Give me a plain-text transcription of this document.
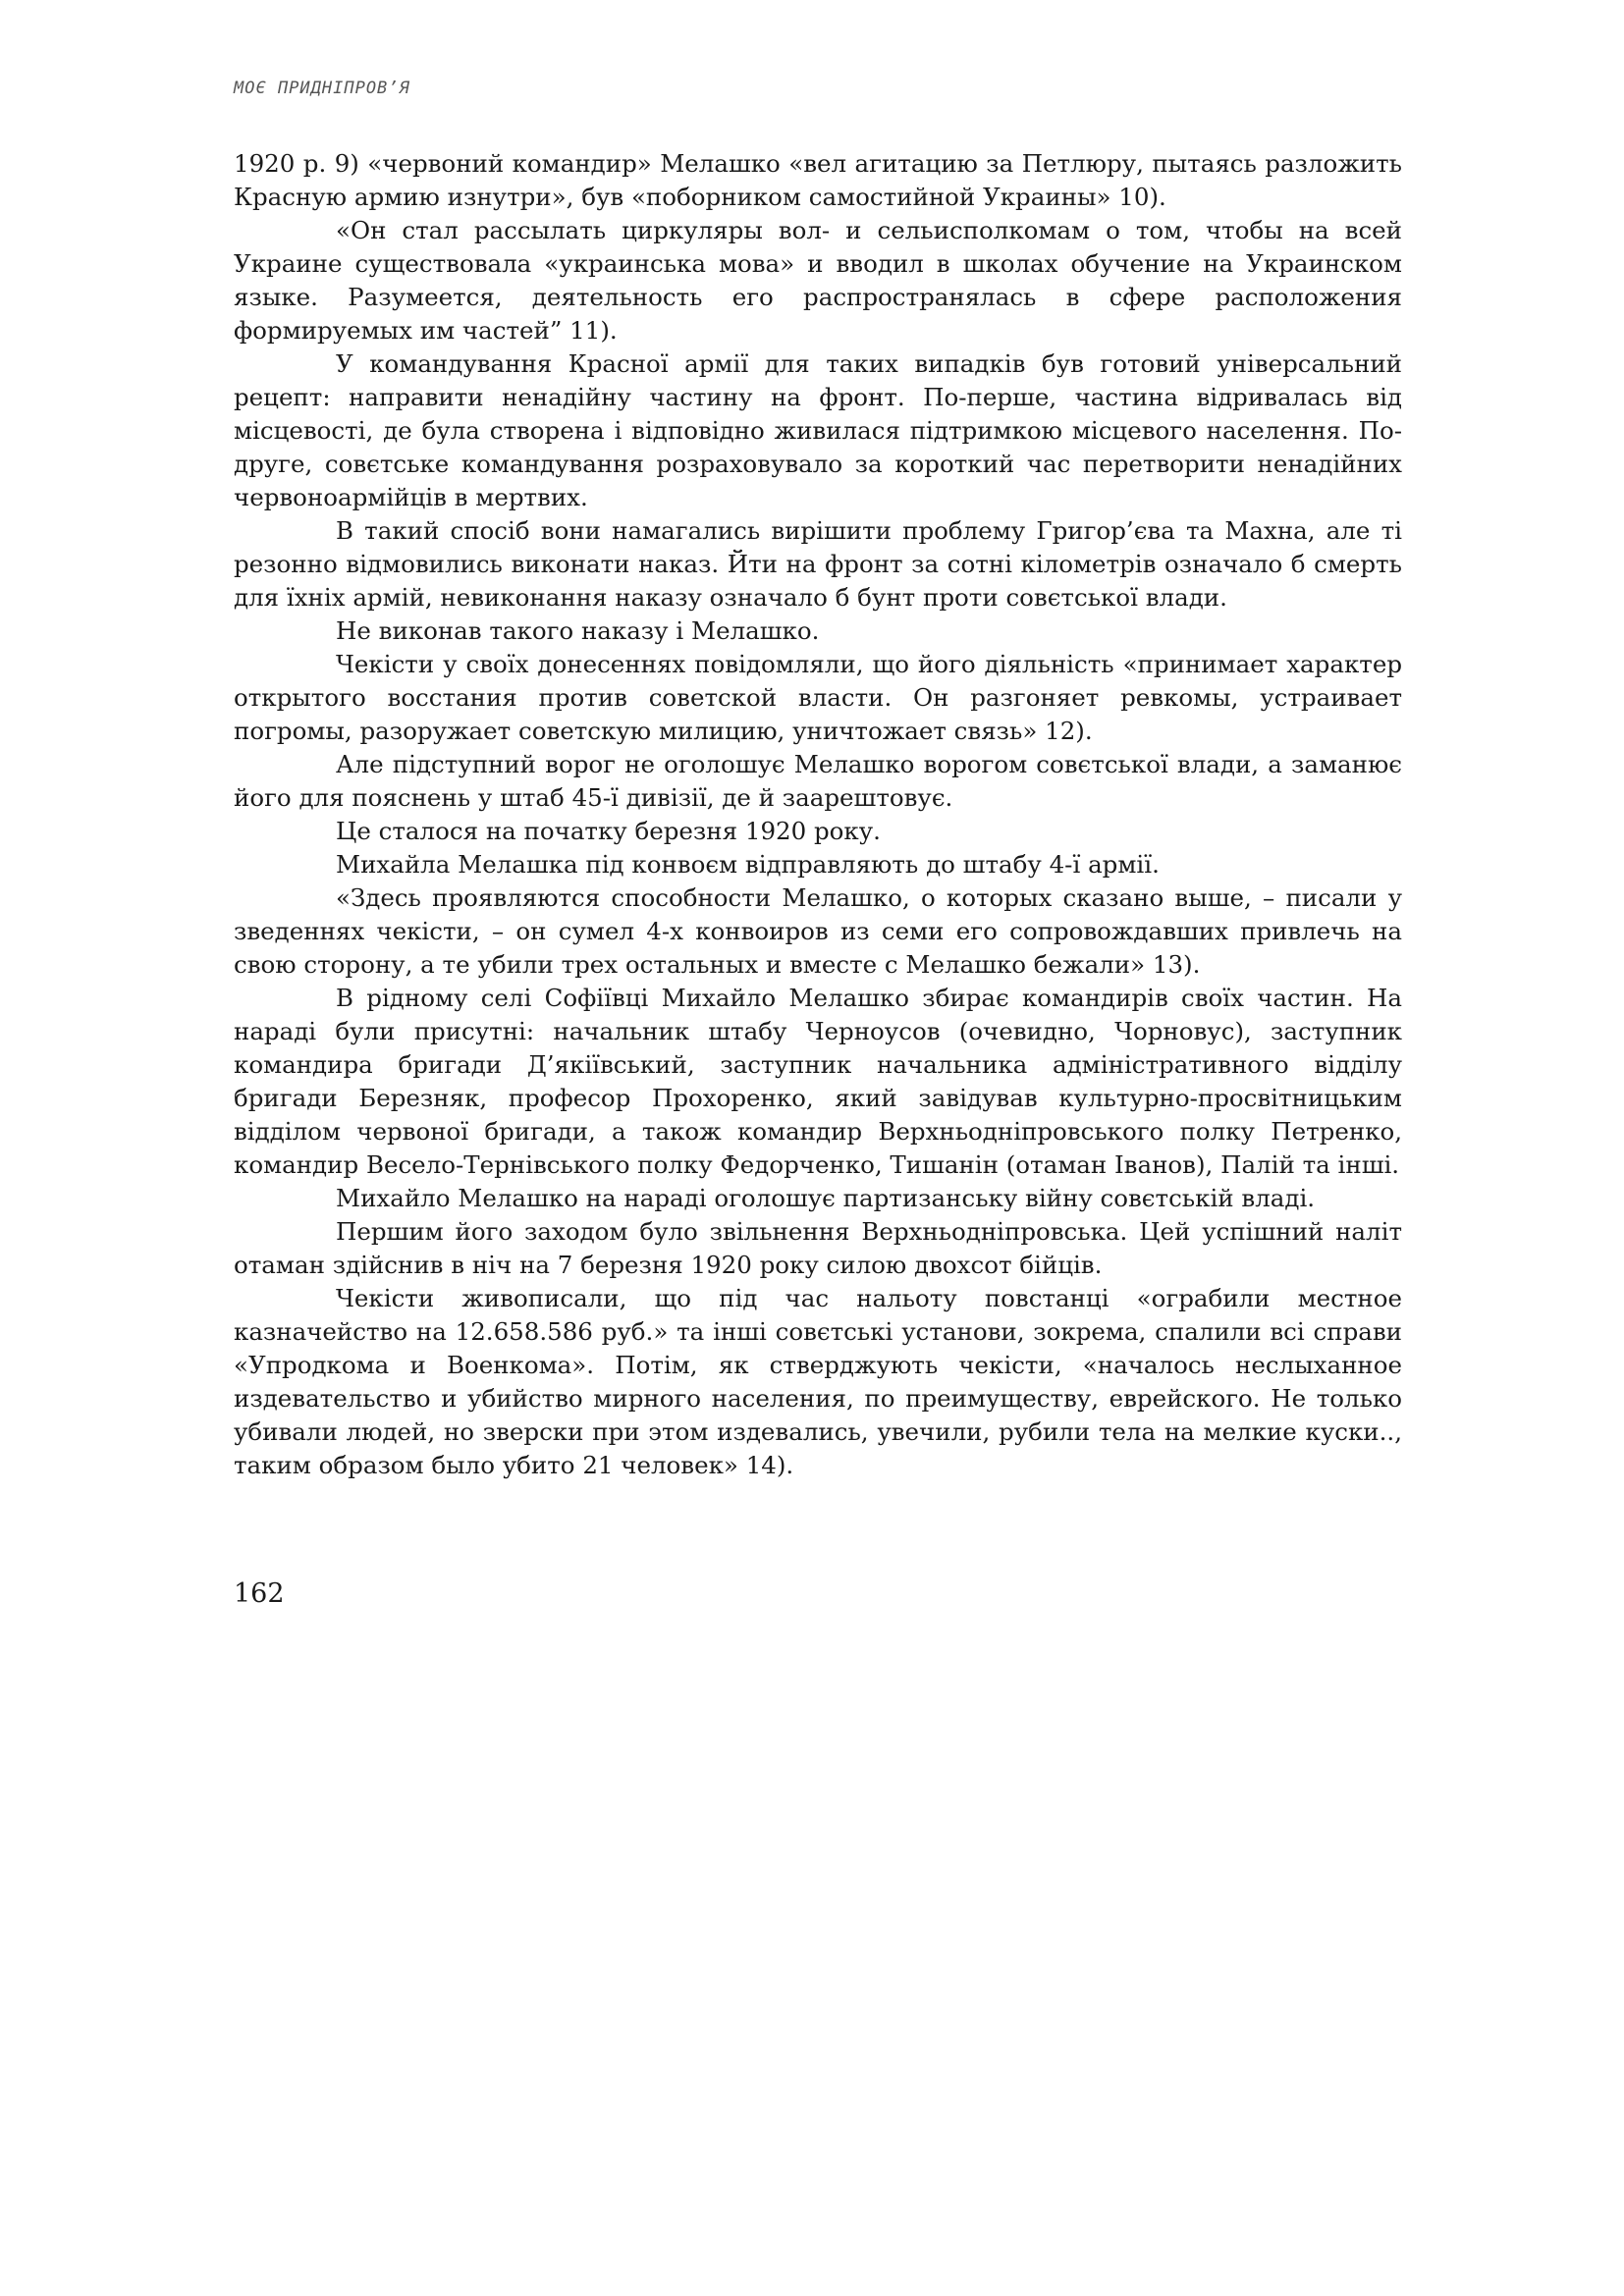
МОЄ ПРИДНІПРОВ’Я

1920 р. 9) «червоний командир» Мелашко «вел агитацию за Петлюру, пытаясь разложить Красную армию изнутри», був «поборником самостийной Украины» 10).

«Он стал рассылать циркуляры вол- и сельисполкомам о том, чтобы на всей Украине существовала «украинська мова» и вводил в школах обучение на Украинском языке. Разумеется, деятельность его распространялась в сфере расположения формируемых им частей” 11).

У командування Красної армії для таких випадків був готовий універсальний рецепт: направити ненадійну частину на фронт. По-перше, частина відривалась від місцевості, де була створена і відповідно живилася підтримкою місцевого населення. По-друге, совєтське командування розраховувало за короткий час перетворити ненадійних червоноармійців в мертвих.

В такий спосіб вони намагались вирішити проблему Григор’єва та Махна, але ті резонно відмовились виконати наказ. Йти на фронт за сотні кілометрів означало б смерть для їхніх армій, невиконання наказу означало б бунт проти совєтської влади.

Не виконав такого наказу і Мелашко.

Чекісти у своїх донесеннях повідомляли, що його діяльність «принимает характер открытого восстания против советской власти. Он разгоняет ревкомы, устраивает погромы, разоружает советскую милицию, уничтожает связь» 12).

Але підступний ворог не оголошує Мелашко ворогом совєтської влади, а заманює його для пояснень у штаб 45-ї дивізії, де й заарештовує.

Це сталося на початку березня 1920 року.

Михайла Мелашка під конвоєм відправляють до штабу 4-ї армії.

«Здесь проявляются способности Мелашко, о которых сказано выше, – писали у зведеннях чекісти, – он сумел 4-х конвоиров из семи его сопровождавших привлечь на свою сторону, а те убили трех остальных и вместе с Мелашко бежали» 13).

В рідному селі Софіївці Михайло Мелашко збирає командирів своїх частин. На нараді були присутні: начальник штабу Черноусов (очевидно, Чорновус), заступник командира бригади Д’якіївський, заступник начальника адміністративного відділу бригади Березняк, професор Прохоренко, який завідував культурно-просвітницьким відділом червоної бригади, а також командир Верхньодніпровського полку Петренко, командир Весело-Тернівського полку Федорченко, Тишанін (отаман Іванов), Палій та інші.

Михайло Мелашко на нараді оголошує партизанську війну совєтській владі.

Першим його заходом було звільнення Верхньодніпровська. Цей успішний наліт отаман здійснив в ніч на 7 березня 1920 року силою двохсот бійців.

Чекісти живописали, що під час нальоту повстанці «ограбили местное казначейство на 12.658.586 руб.» та інші совєтські установи, зокрема, спалили всі справи «Упродкома и Военкома». Потім, як стверджують чекісти, «началось неслыханное издевательство и убийство мирного населения, по преимуществу, еврейского. Не только убивали людей, но зверски при этом издевались, увечили, рубили тела на мелкие куски.., таким образом было убито 21 человек» 14).

162
